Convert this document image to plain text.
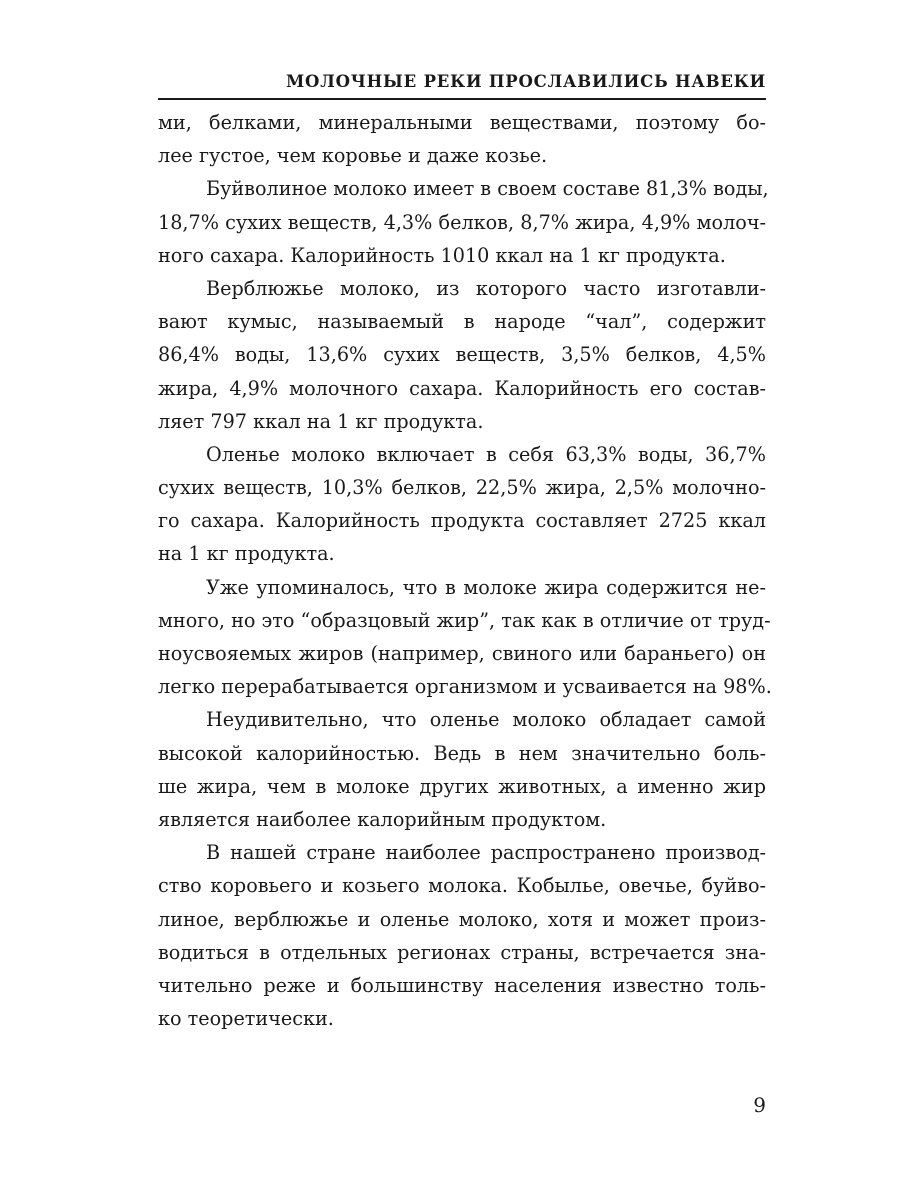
МОЛОЧНЫЕ РЕКИ ПРОСЛАВИЛИСЬ НАВЕКИ
ми, белками, минеральными веществами, поэтому бо-
лее густое, чем коровье и даже козье.
Буйволиное молоко имеет в своем составе 81,3% воды,
18,7% сухих веществ, 4,3% белков, 8,7% жира, 4,9% молоч-
ного сахара. Калорийность 1010 ккал на 1 кг продукта.
Верблюжье молоко, из которого часто изготавли-
вают кумыс, называемый в народе “чал”, содержит
86,4% воды, 13,6% сухих веществ, 3,5% белков, 4,5%
жира, 4,9% молочного сахара. Калорийность его состав-
ляет 797 ккал на 1 кг продукта.
Оленье молоко включает в себя 63,3% воды, 36,7%
сухих веществ, 10,3% белков, 22,5% жира, 2,5% молочно-
го сахара. Калорийность продукта составляет 2725 ккал
на 1 кг продукта.
Уже упоминалось, что в молоке жира содержится не-
много, но это “образцовый жир”, так как в отличие от труд-
ноусвояемых жиров (например, свиного или бараньего) он
легко перерабатывается организмом и усваивается на 98%.
Неудивительно, что оленье молоко обладает самой
высокой калорийностью. Ведь в нем значительно боль-
ше жира, чем в молоке других животных, а именно жир
является наиболее калорийным продуктом.
В нашей стране наиболее распространено производ-
ство коровьего и козьего молока. Кобылье, овечье, буйво-
линое, верблюжье и оленье молоко, хотя и может произ-
водиться в отдельных регионах страны, встречается зна-
чительно реже и большинству населения известно толь-
ко теоретически.
9
